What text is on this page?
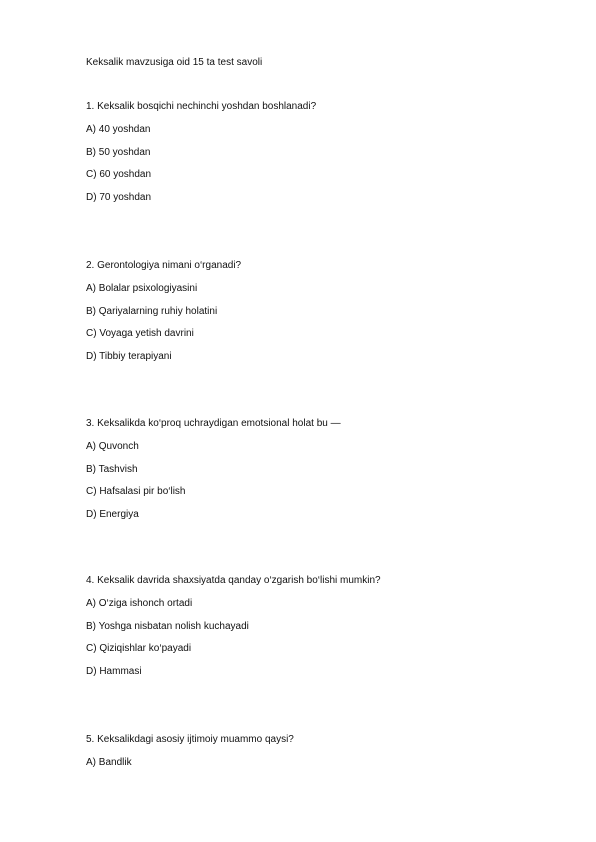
Keksalik mavzusiga oid 15 ta test savoli
1. Keksalik bosqichi nechinchi yoshdan boshlanadi?
A) 40 yoshdan
B) 50 yoshdan
C) 60 yoshdan
D) 70 yoshdan
2. Gerontologiya nimani o‘rganadi?
A) Bolalar psixologiyasini
B) Qariyalarning ruhiy holatini
C) Voyaga yetish davrini
D) Tibbiy terapiyani
3. Keksalikda ko‘proq uchraydigan emotsional holat bu —
A) Quvonch
B) Tashvish
C) Hafsalasi pir bo‘lish
D) Energiya
4. Keksalik davrida shaxsiyatda qanday o‘zgarish bo‘lishi mumkin?
A) O‘ziga ishonch ortadi
B) Yoshga nisbatan nolish kuchayadi
C) Qiziqishlar ko‘payadi
D) Hammasi
5. Keksalikdagi asosiy ijtimoiy muammo qaysi?
A) Bandlik
